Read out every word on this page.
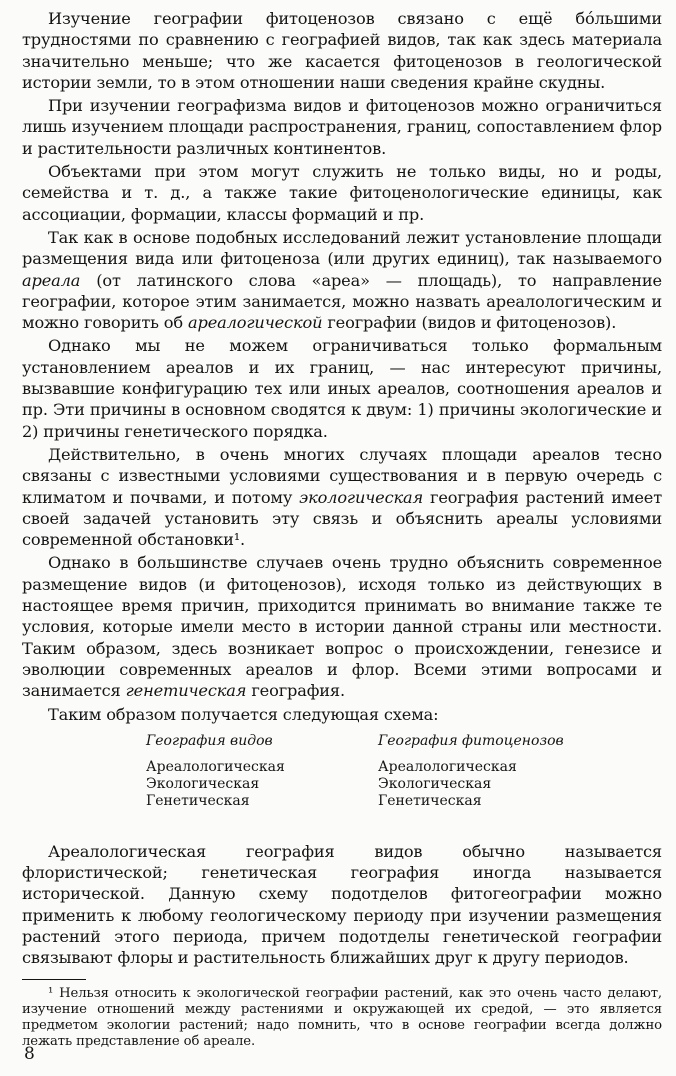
Изучение географии фитоценозов связано с ещё бо́льшими трудностями по сравнению с географией видов, так как здесь материала значительно меньше; что же касается фитоценозов в геологической истории земли, то в этом отношении наши сведения крайне скудны.

При изучении географизма видов и фитоценозов можно ограничиться лишь изучением площади распространения, границ, сопоставлением флор и растительности различных континентов.

Объектами при этом могут служить не только виды, но и роды, семейства и т. д., а также такие фитоценологические единицы, как ассоциации, формации, классы формаций и пр.

Так как в основе подобных исследований лежит установление площади размещения вида или фитоценоза (или других единиц), так называемого ареала (от латинского слова «ареа» — площадь), то направление географии, которое этим занимается, можно назвать ареалологическим и можно говорить об ареалогической географии (видов и фитоценозов).

Однако мы не можем ограничиваться только формальным установлением ареалов и их границ, — нас интересуют причины, вызвавшие конфигурацию тех или иных ареалов, соотношения ареалов и пр. Эти причины в основном сводятся к двум: 1) причины экологические и 2) причины генетического порядка.

Действительно, в очень многих случаях площади ареалов тесно связаны с известными условиями существования и в первую очередь с климатом и почвами, и потому экологическая география растений имеет своей задачей установить эту связь и объяснить ареалы условиями современной обстановки¹.

Однако в большинстве случаев очень трудно объяснить современное размещение видов (и фитоценозов), исходя только из действующих в настоящее время причин, приходится принимать во внимание также те условия, которые имели место в истории данной страны или местности. Таким образом, здесь возникает вопрос о происхождении, генезисе и эволюции современных ареалов и флор. Всеми этими вопросами и занимается генетическая география.

Таким образом получается следующая схема:

География видов
Ареалологическая
Экологическая
Генетическая
География фитоценозов
Ареалологическая
Экологическая
Генетическая

Ареалологическая география видов обычно называется флористической; генетическая география иногда называется исторической. Данную схему подотделов фитогеографии можно применить к любому геологическому периоду при изучении размещения растений этого периода, причем подотделы генетической географии связывают флоры и растительность ближайших друг к другу периодов.

¹ Нельзя относить к экологической географии растений, как это очень часто делают, изучение отношений между растениями и окружающей их средой, — это является предметом экологии растений; надо помнить, что в основе географии всегда должно лежать представление об ареале.

8
